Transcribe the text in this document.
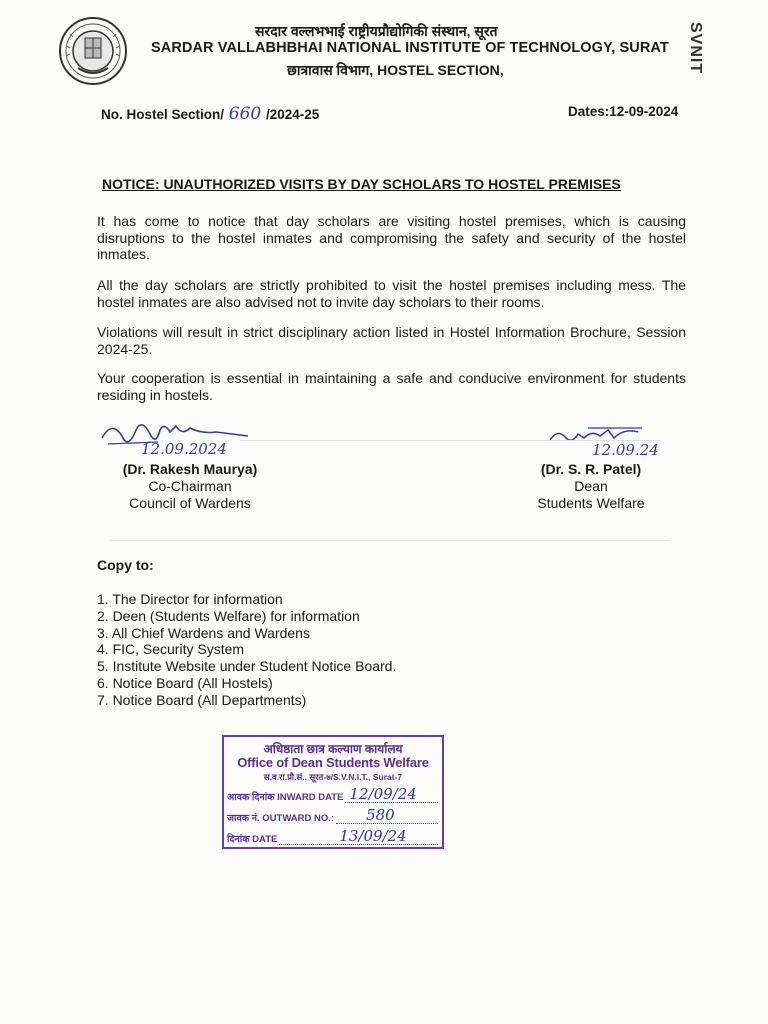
सरदार वल्लभभाई राष्ट्रीयप्रौद्योगिकी संस्थान, सूरत
SARDAR VALLABHBHAI NATIONAL INSTITUTE OF TECHNOLOGY, SURAT
छात्रावास विभाग, HOSTEL SECTION,	SVNIT
No. Hostel Section/ 660 /2024-25	Dates:12-09-2024
NOTICE: UNAUTHORIZED VISITS BY DAY SCHOLARS TO HOSTEL PREMISES
It has come to notice that day scholars are visiting hostel premises, which is causing disruptions to the hostel inmates and compromising the safety and security of the hostel inmates.
All the day scholars are strictly prohibited to visit the hostel premises including mess. The hostel inmates are also advised not to invite day scholars to their rooms.
Violations will result in strict disciplinary action listed in Hostel Information Brochure, Session 2024-25.
Your cooperation is essential in maintaining a safe and conducive environment for students residing in hostels.
12.09.2024
(Dr. Rakesh Maurya)
Co-Chairman
Council of Wardens
12.09.24
(Dr. S. R. Patel)
Dean
Students Welfare
Copy to:
1. The Director for information
2. Deen (Students Welfare) for information
3. All Chief Wardens and Wardens
4. FIC, Security System
5. Institute Website under Student Notice Board.
6. Notice Board (All Hostels)
7. Notice Board (All Departments)
अधिष्ठाता छात्र कल्याण कार्यालय
Office of Dean Students Welfare
स.व.रा.प्रौ.सं., सूरत-७/S.V.N.I.T., Surat-7
आवक दिनांक INWARD DATE 12/09/24
जावक नं. OUTWARD NO.: 580
दिनांक DATE	13/09/24
